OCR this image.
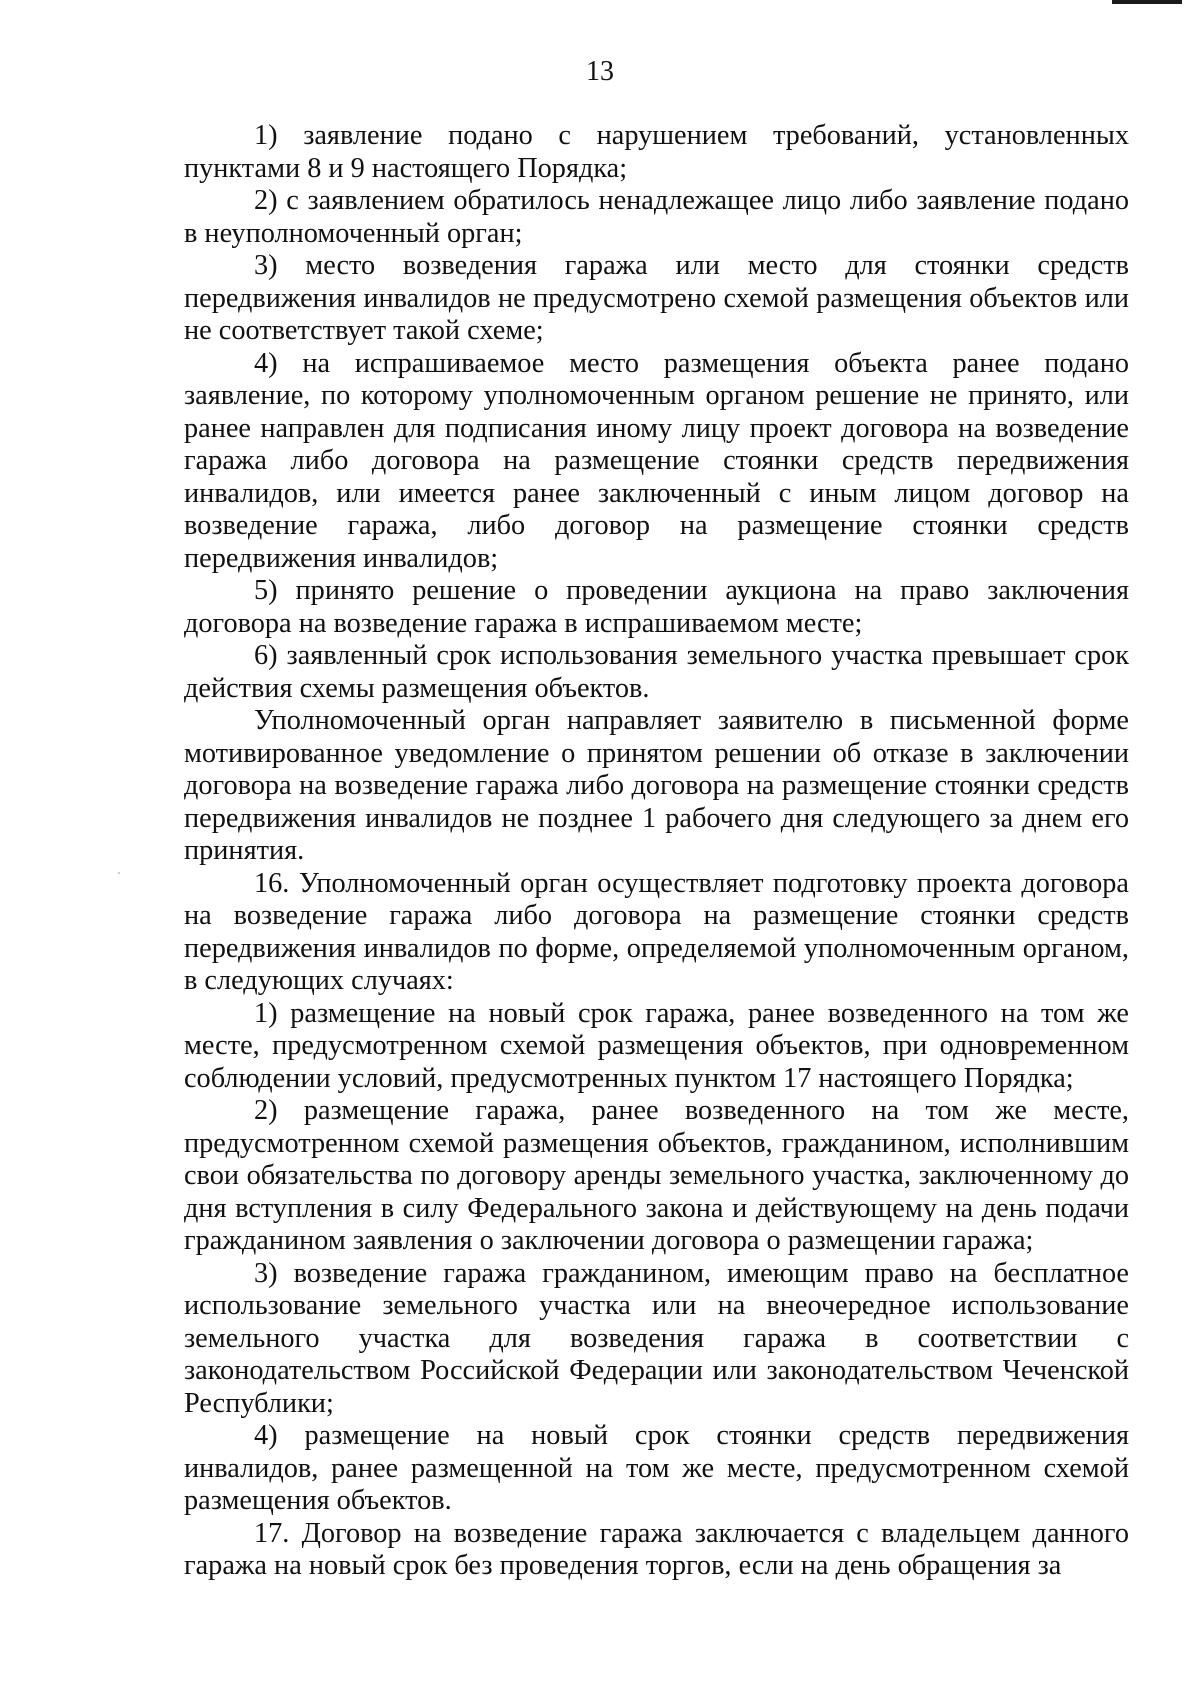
13

1) заявление подано с нарушением требований, установленных пунктами 8 и 9 настоящего Порядка;

2) с заявлением обратилось ненадлежащее лицо либо заявление подано в неуполномоченный орган;

3) место возведения гаража или место для стоянки средств передвижения инвалидов не предусмотрено схемой размещения объектов или не соответствует такой схеме;

4) на испрашиваемое место размещения объекта ранее подано заявление, по которому уполномоченным органом решение не принято, или ранее направлен для подписания иному лицу проект договора на возведение гаража либо договора на размещение стоянки средств передвижения инвалидов, или имеется ранее заключенный с иным лицом договор на возведение гаража, либо договор на размещение стоянки средств передвижения инвалидов;

5) принято решение о проведении аукциона на право заключения договора на возведение гаража в испрашиваемом месте;

6) заявленный срок использования земельного участка превышает срок действия схемы размещения объектов.

Уполномоченный орган направляет заявителю в письменной форме мотивированное уведомление о принятом решении об отказе в заключении договора на возведение гаража либо договора на размещение стоянки средств передвижения инвалидов не позднее 1 рабочего дня следующего за днем его принятия.

16. Уполномоченный орган осуществляет подготовку проекта договора на возведение гаража либо договора на размещение стоянки средств передвижения инвалидов по форме, определяемой уполномоченным органом, в следующих случаях:

1) размещение на новый срок гаража, ранее возведенного на том же месте, предусмотренном схемой размещения объектов, при одновременном соблюдении условий, предусмотренных пунктом 17 настоящего Порядка;

2) размещение гаража, ранее возведенного на том же месте, предусмотренном схемой размещения объектов, гражданином, исполнившим свои обязательства по договору аренды земельного участка, заключенному до дня вступления в силу Федерального закона и действующему на день подачи гражданином заявления о заключении договора о размещении гаража;

3) возведение гаража гражданином, имеющим право на бесплатное использование земельного участка или на внеочередное использование земельного участка для возведения гаража в соответствии с законодательством Российской Федерации или законодательством Чеченской Республики;

4) размещение на новый срок стоянки средств передвижения инвалидов, ранее размещенной на том же месте, предусмотренном схемой размещения объектов.

17. Договор на возведение гаража заключается с владельцем данного гаража на новый срок без проведения торгов, если на день обращения за
